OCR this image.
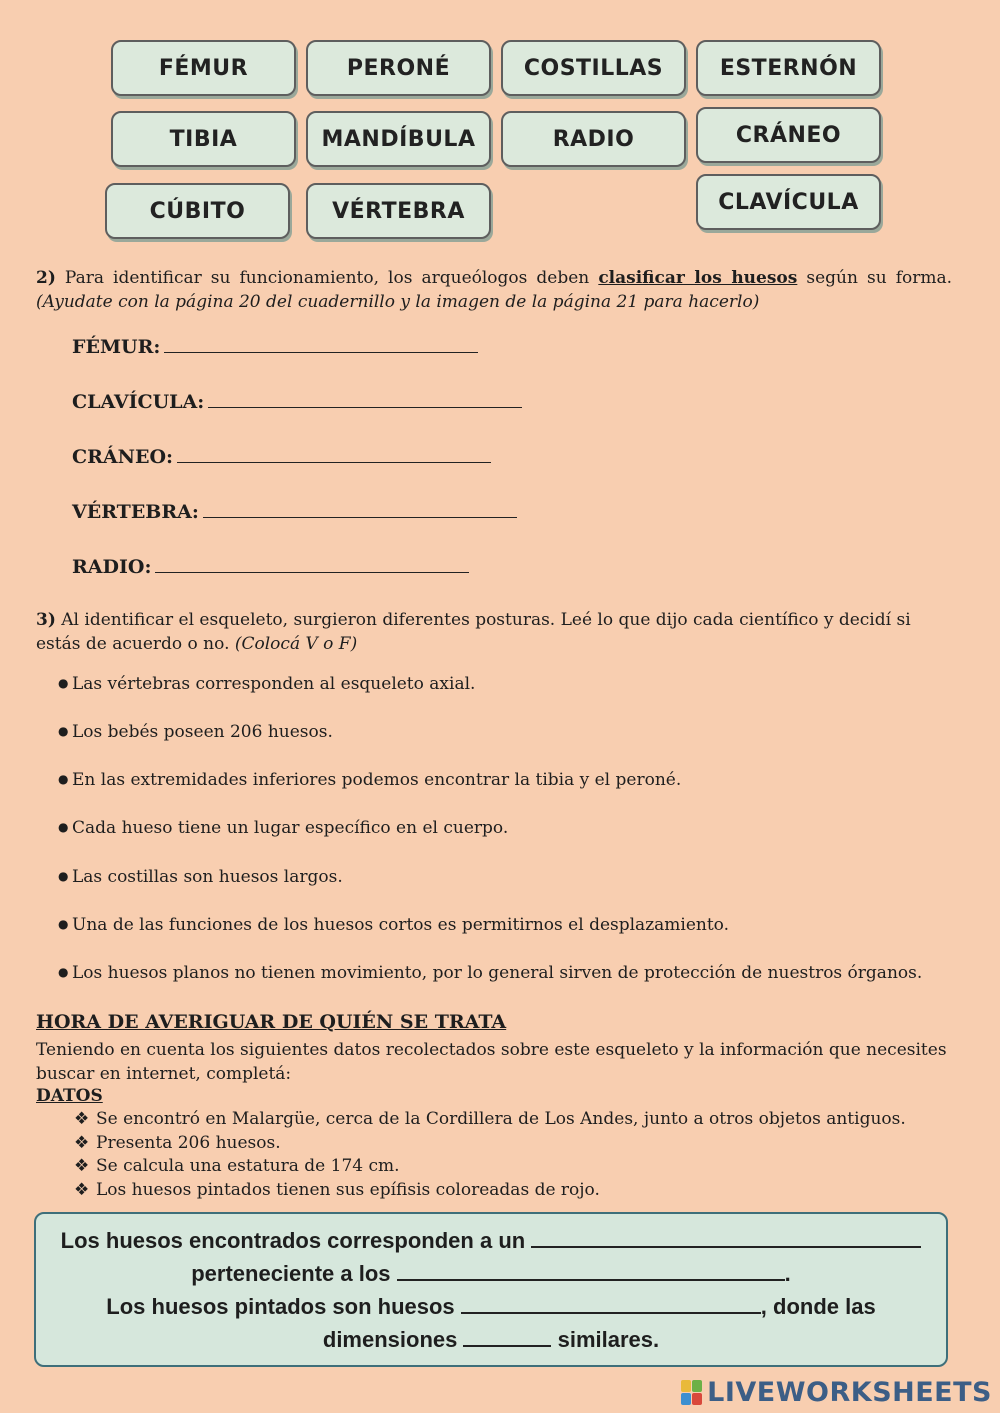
FÉMUR	PERONÉ	COSTILLAS	ESTERNÓN
TIBIA	MANDÍBULA	RADIO	CRÁNEO
CÚBITO	VÉRTEBRA	CLAVÍCULA
2) Para identificar su funcionamiento, los arqueólogos deben clasificar los huesos según su forma.
(Ayudate con la página 20 del cuadernillo y la imagen de la página 21 para hacerlo)
FÉMUR:
CLAVÍCULA:
CRÁNEO:
VÉRTEBRA:
RADIO:
3) Al identificar el esqueleto, surgieron diferentes posturas. Leé lo que dijo cada científico y decidí si estás de acuerdo o no. (Colocá V o F)
● Las vértebras corresponden al esqueleto axial.
● Los bebés poseen 206 huesos.
● En las extremidades inferiores podemos encontrar la tibia y el peroné.
● Cada hueso tiene un lugar específico en el cuerpo.
● Las costillas son huesos largos.
● Una de las funciones de los huesos cortos es permitirnos el desplazamiento.
● Los huesos planos no tienen movimiento, por lo general sirven de protección de nuestros órganos.
HORA DE AVERIGUAR DE QUIÉN SE TRATA
Teniendo en cuenta los siguientes datos recolectados sobre este esqueleto y la información que necesites buscar en internet, completá:
DATOS
❖ Se encontró en Malargüe, cerca de la Cordillera de Los Andes, junto a otros objetos antiguos.
❖ Presenta 206 huesos.
❖ Se calcula una estatura de 174 cm.
❖ Los huesos pintados tienen sus epífisis coloreadas de rojo.
Los huesos encontrados corresponden a un
perteneciente a los	.
Los huesos pintados son huesos	, donde las
dimensiones	similares.
LIVEWORKSHEETS
